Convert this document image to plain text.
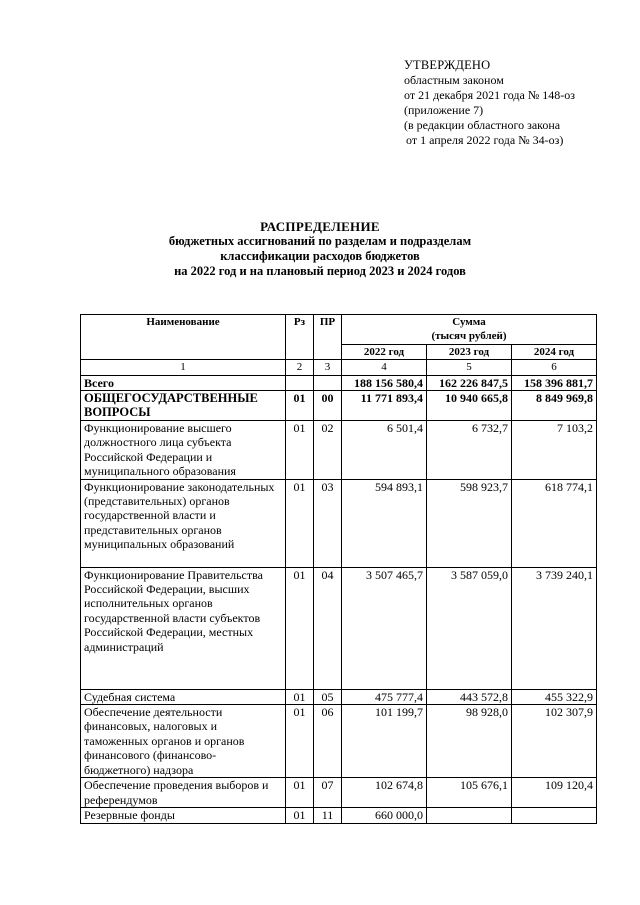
УТВЕРЖДЕНО
областным законом
от 21 декабря 2021 года № 148-оз
(приложение 7)
(в редакции областного закона
от 1 апреля 2022 года № 34-оз)
РАСПРЕДЕЛЕНИЕ
бюджетных ассигнований по разделам и подразделам
классификации расходов бюджетов
на 2022 год и на плановый период 2023 и 2024 годов
Наименование	Рз	ПР	Сумма
(тысяч рублей)		

			2022 год	2023 год	2024 год
1	2	3	4	5	6
Всего			188 156 580,4	162 226 847,5	158 396 881,7
ОБЩЕГОСУДАРСТВЕННЫЕ ВОПРОСЫ	01	00	11 771 893,4	10 940 665,8	8 849 969,8
Функционирование высшего должностного лица субъекта Российской Федерации и муниципального образования	01	02	6 501,4	6 732,7	7 103,2
Функционирование законодательных (представительных) органов государственной власти и представительных органов муниципальных образований	01	03	594 893,1	598 923,7	618 774,1
Функционирование Правительства Российской Федерации, высших исполнительных органов государственной власти субъектов Российской Федерации, местных администраций	01	04	3 507 465,7	3 587 059,0	3 739 240,1
Судебная система	01	05	475 777,4	443 572,8	455 322,9
Обеспечение деятельности финансовых, налоговых и таможенных органов и органов финансового (финансово-бюджетного) надзора	01	06	101 199,7	98 928,0	102 307,9
Обеспечение проведения выборов и референдумов	01	07	102 674,8	105 676,1	109 120,4
Резервные фонды	01	11	660 000,0		
